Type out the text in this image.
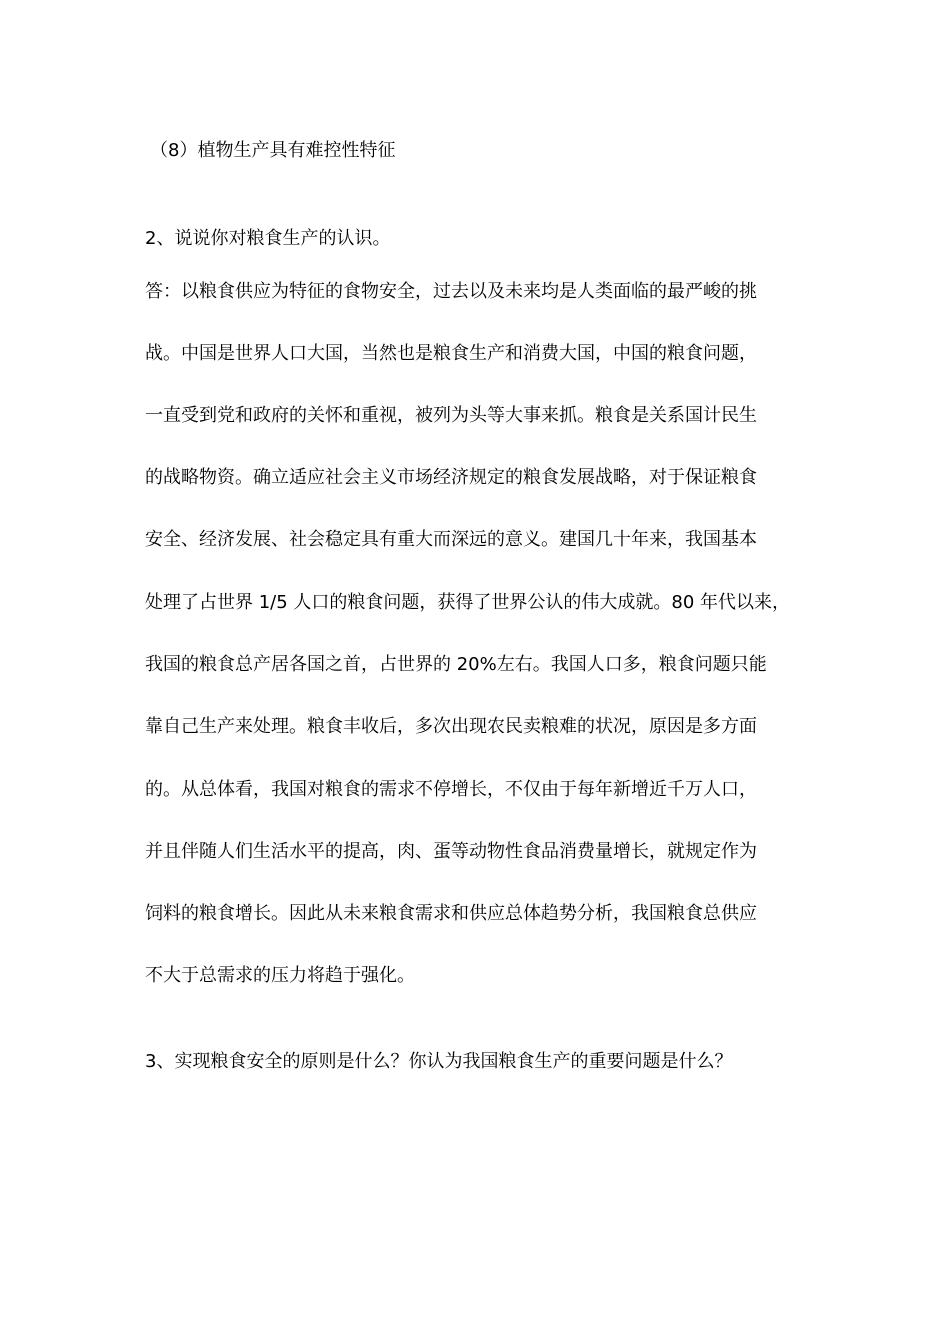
（8）植物生产具有难控性特征
2、说说你对粮食生产的认识。
答：以粮食供应为特征的食物安全，过去以及未来均是人类面临的最严峻的挑
战。中国是世界人口大国，当然也是粮食生产和消费大国，中国的粮食问题，
一直受到党和政府的关怀和重视，被列为头等大事来抓。粮食是关系国计民生
的战略物资。确立适应社会主义市场经济规定的粮食发展战略，对于保证粮食
安全、经济发展、社会稳定具有重大而深远的意义。建国几十年来，我国基本
处理了占世界 1/5 人口的粮食问题，获得了世界公认的伟大成就。80 年代以来，
我国的粮食总产居各国之首，占世界的 20%左右。我国人口多，粮食问题只能
靠自己生产来处理。粮食丰收后，多次出现农民卖粮难的状况，原因是多方面
的。从总体看，我国对粮食的需求不停增长，不仅由于每年新增近千万人口，
并且伴随人们生活水平的提高，肉、蛋等动物性食品消费量增长，就规定作为
饲料的粮食增长。因此从未来粮食需求和供应总体趋势分析，我国粮食总供应
不大于总需求的压力将趋于强化。
3、实现粮食安全的原则是什么？你认为我国粮食生产的重要问题是什么？
